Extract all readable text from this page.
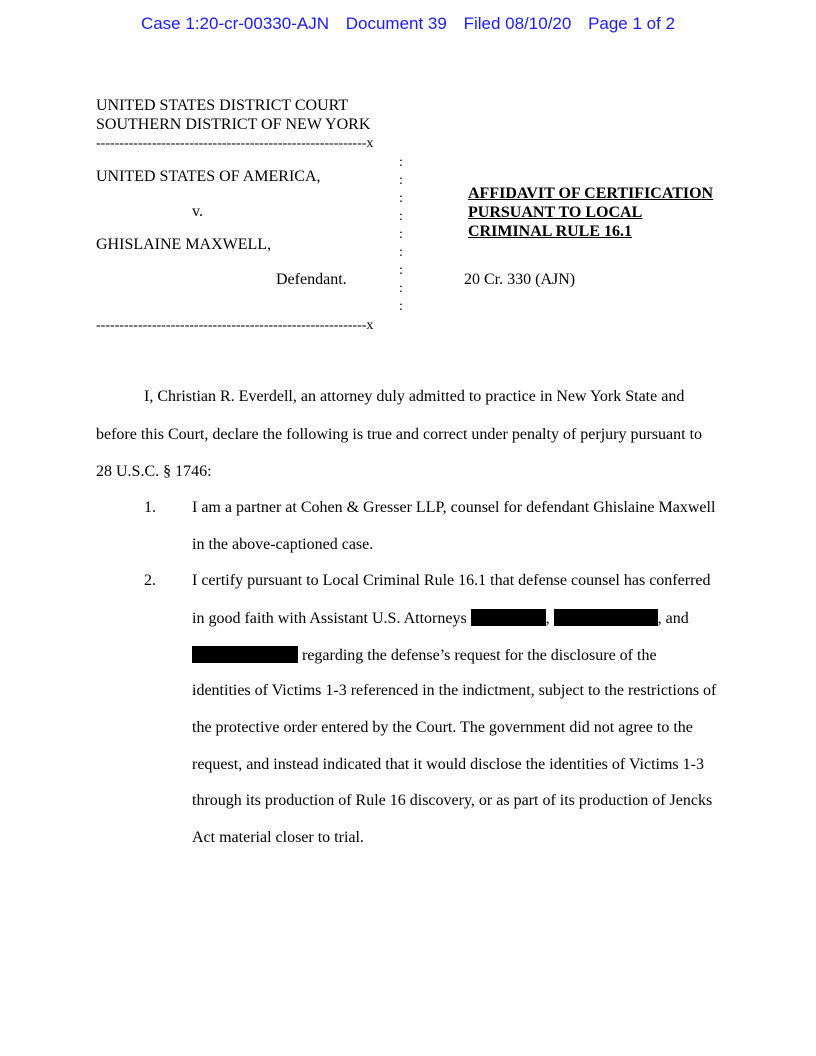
Case 1:20-cr-00330-AJN Document 39 Filed 08/10/20 Page 1 of 2
UNITED STATES DISTRICT COURT
SOUTHERN DISTRICT OF NEW YORK
----------------------------------------------------------x
:
:
:
:
:
:
:
:
:
UNITED STATES OF AMERICA,
v.
GHISLAINE MAXWELL,
Defendant.
----------------------------------------------------------x
AFFIDAVIT OF CERTIFICATION
PURSUANT TO LOCAL
CRIMINAL RULE 16.1
20 Cr. 330 (AJN)
I, Christian R. Everdell, an attorney duly admitted to practice in New York State and
before this Court, declare the following is true and correct under penalty of perjury pursuant to
28 U.S.C. § 1746:
1. I am a partner at Cohen & Gresser LLP, counsel for defendant Ghislaine Maxwell
in the above-captioned case.
2. I certify pursuant to Local Criminal Rule 16.1 that defense counsel has conferred
in good faith with Assistant U.S. Attorneys	,	, and
regarding the defense’s request for the disclosure of the
identities of Victims 1-3 referenced in the indictment, subject to the restrictions of
the protective order entered by the Court. The government did not agree to the
request, and instead indicated that it would disclose the identities of Victims 1-3
through its production of Rule 16 discovery, or as part of its production of Jencks
Act material closer to trial.
